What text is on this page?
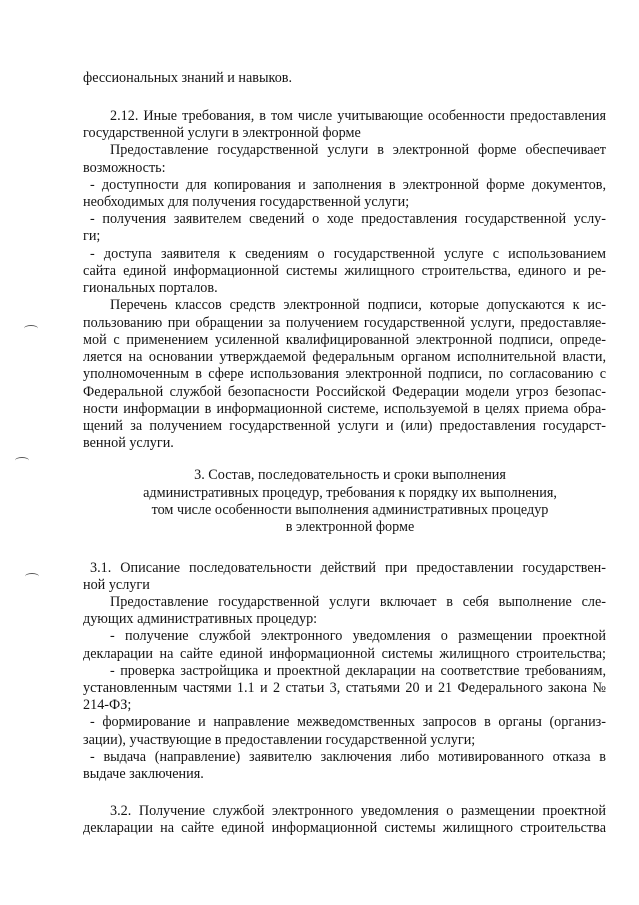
фессиональных знаний и навыков.
2.12. Иные требования, в том числе учитывающие особенности предоставления
государственной услуги в электронной форме
Предоставление государственной услуги в электронной форме обеспечивает
возможность:
- доступности для копирования и заполнения в электронной форме документов,
необходимых для получения государственной услуги;
- получения заявителем сведений о ходе предоставления государственной услу-
ги;
- доступа заявителя к сведениям о государственной услуге с использованием
сайта единой информационной системы жилищного строительства, единого и ре-
гиональных порталов.
Перечень классов средств электронной подписи, которые допускаются к ис-
пользованию при обращении за получением государственной услуги, предоставляе-
мой с применением усиленной квалифицированной электронной подписи, опреде-
ляется на основании утверждаемой федеральным органом исполнительной власти,
уполномоченным в сфере использования электронной подписи, по согласованию с
Федеральной службой безопасности Российской Федерации модели угроз безопас-
ности информации в информационной системе, используемой в целях приема обра-
щений за получением государственной услуги и (или) предоставления государст-
венной услуги.
3. Состав, последовательность и сроки выполнения
административных процедур, требования к порядку их выполнения,
том числе особенности выполнения административных процедур
в электронной форме
3.1. Описание последовательности действий при предоставлении государствен-
ной услуги
Предоставление государственной услуги включает в себя выполнение сле-
дующих административных процедур:
- получение службой электронного уведомления о размещении проектной
декларации на сайте единой информационной системы жилищного строительства;
- проверка застройщика и проектной декларации на соответствие требованиям,
установленным частями 1.1 и 2 статьи 3, статьями 20 и 21 Федерального закона №
214-ФЗ;
- формирование и направление межведомственных запросов в органы (организ-
зации), участвующие в предоставлении государственной услуги;
- выдача (направление) заявителю заключения либо мотивированного отказа в
выдаче заключения.
3.2. Получение службой электронного уведомления о размещении проектной
декларации на сайте единой информационной системы жилищного строительства
